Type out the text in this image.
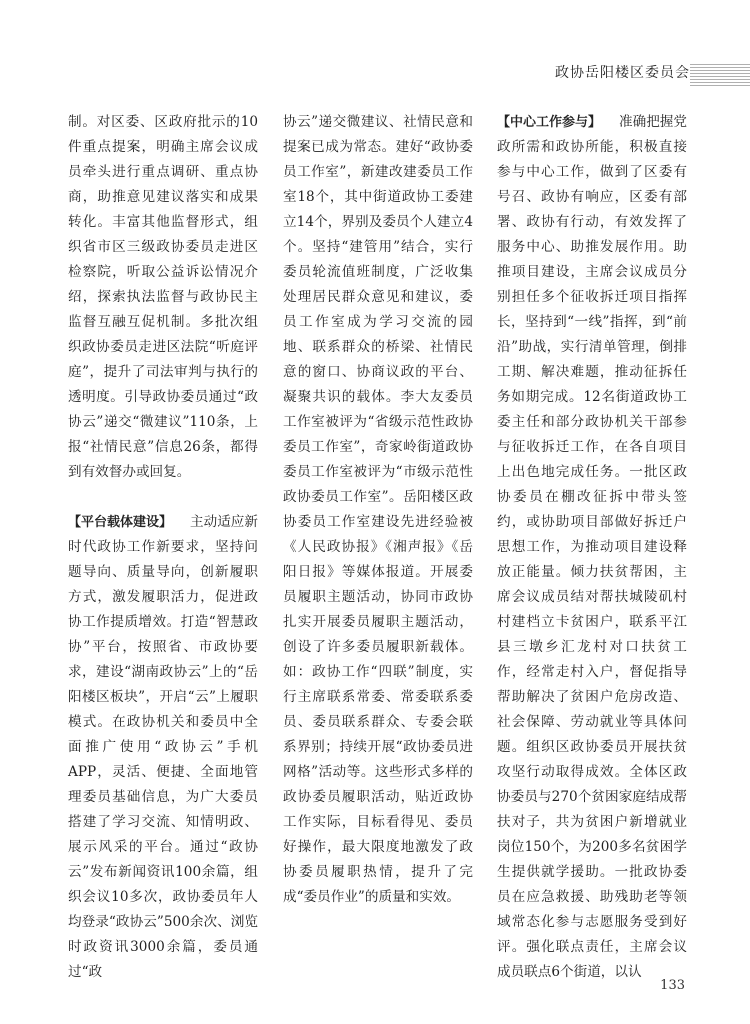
政协岳阳楼区委员会

制。对区委、区政府批示的10件重点提案，明确主席会议成员牵头进行重点调研、重点协商，助推意见建议落实和成果转化。丰富其他监督形式，组织省市区三级政协委员走进区检察院，听取公益诉讼情况介绍，探索执法监督与政协民主监督互融互促机制。多批次组织政协委员走进区法院“听庭评庭”，提升了司法审判与执行的透明度。引导政协委员通过“政协云”递交“微建议”110条，上报“社情民意”信息26条，都得到有效督办或回复。

【平台载体建设】 主动适应新时代政协工作新要求，坚持问题导向、质量导向，创新履职方式，激发履职活力，促进政协工作提质增效。打造“智慧政协”平台，按照省、市政协要求，建设“湖南政协云”上的“岳阳楼区板块”，开启“云”上履职模式。在政协机关和委员中全面推广使用“政协云”手机APP，灵活、便捷、全面地管理委员基础信息，为广大委员搭建了学习交流、知情明政、展示风采的平台。通过“政协云”发布新闻资讯100余篇，组织会议10多次，政协委员年人均登录“政协云”500余次、浏览时政资讯3000余篇，委员通过“政

协云”递交微建议、社情民意和提案已成为常态。建好“政协委员工作室”，新建改建委员工作室18个，其中街道政协工委建立14个，界别及委员个人建立4个。坚持“建管用”结合，实行委员轮流值班制度，广泛收集处理居民群众意见和建议，委员工作室成为学习交流的园地、联系群众的桥梁、社情民意的窗口、协商议政的平台、凝聚共识的载体。李大友委员工作室被评为“省级示范性政协委员工作室”，奇家岭街道政协委员工作室被评为“市级示范性政协委员工作室”。岳阳楼区政协委员工作室建设先进经验被《人民政协报》《湘声报》《岳阳日报》等媒体报道。开展委员履职主题活动，协同市政协扎实开展委员履职主题活动，创设了许多委员履职新载体。如：政协工作“四联”制度，实行主席联系常委、常委联系委员、委员联系群众、专委会联系界别；持续开展“政协委员进网格”活动等。这些形式多样的政协委员履职活动，贴近政协工作实际，目标看得见、委员好操作，最大限度地激发了政协委员履职热情，提升了完成“委员作业”的质量和实效。

【中心工作参与】 准确把握党政所需和政协所能，积极直接参与中心工作，做到了区委有号召、政协有响应，区委有部署、政协有行动，有效发挥了服务中心、助推发展作用。助推项目建设，主席会议成员分别担任多个征收拆迁项目指挥长，坚持到“一线”指挥，到“前沿”助战，实行清单管理，倒排工期、解决难题，推动征拆任务如期完成。12名街道政协工委主任和部分政协机关干部参与征收拆迁工作，在各自项目上出色地完成任务。一批区政协委员在棚改征拆中带头签约，或协助项目部做好拆迁户思想工作，为推动项目建设释放正能量。倾力扶贫帮困，主席会议成员结对帮扶城陵矶村村建档立卡贫困户，联系平江县三墩乡汇龙村对口扶贫工作，经常走村入户，督促指导帮助解决了贫困户危房改造、社会保障、劳动就业等具体问题。组织区政协委员开展扶贫攻坚行动取得成效。全体区政协委员与270个贫困家庭结成帮扶对子，共为贫困户新增就业岗位150个，为200多名贫困学生提供就学援助。一批政协委员在应急救援、助残助老等领域常态化参与志愿服务受到好评。强化联点责任，主席会议成员联点6个街道，以认

133
